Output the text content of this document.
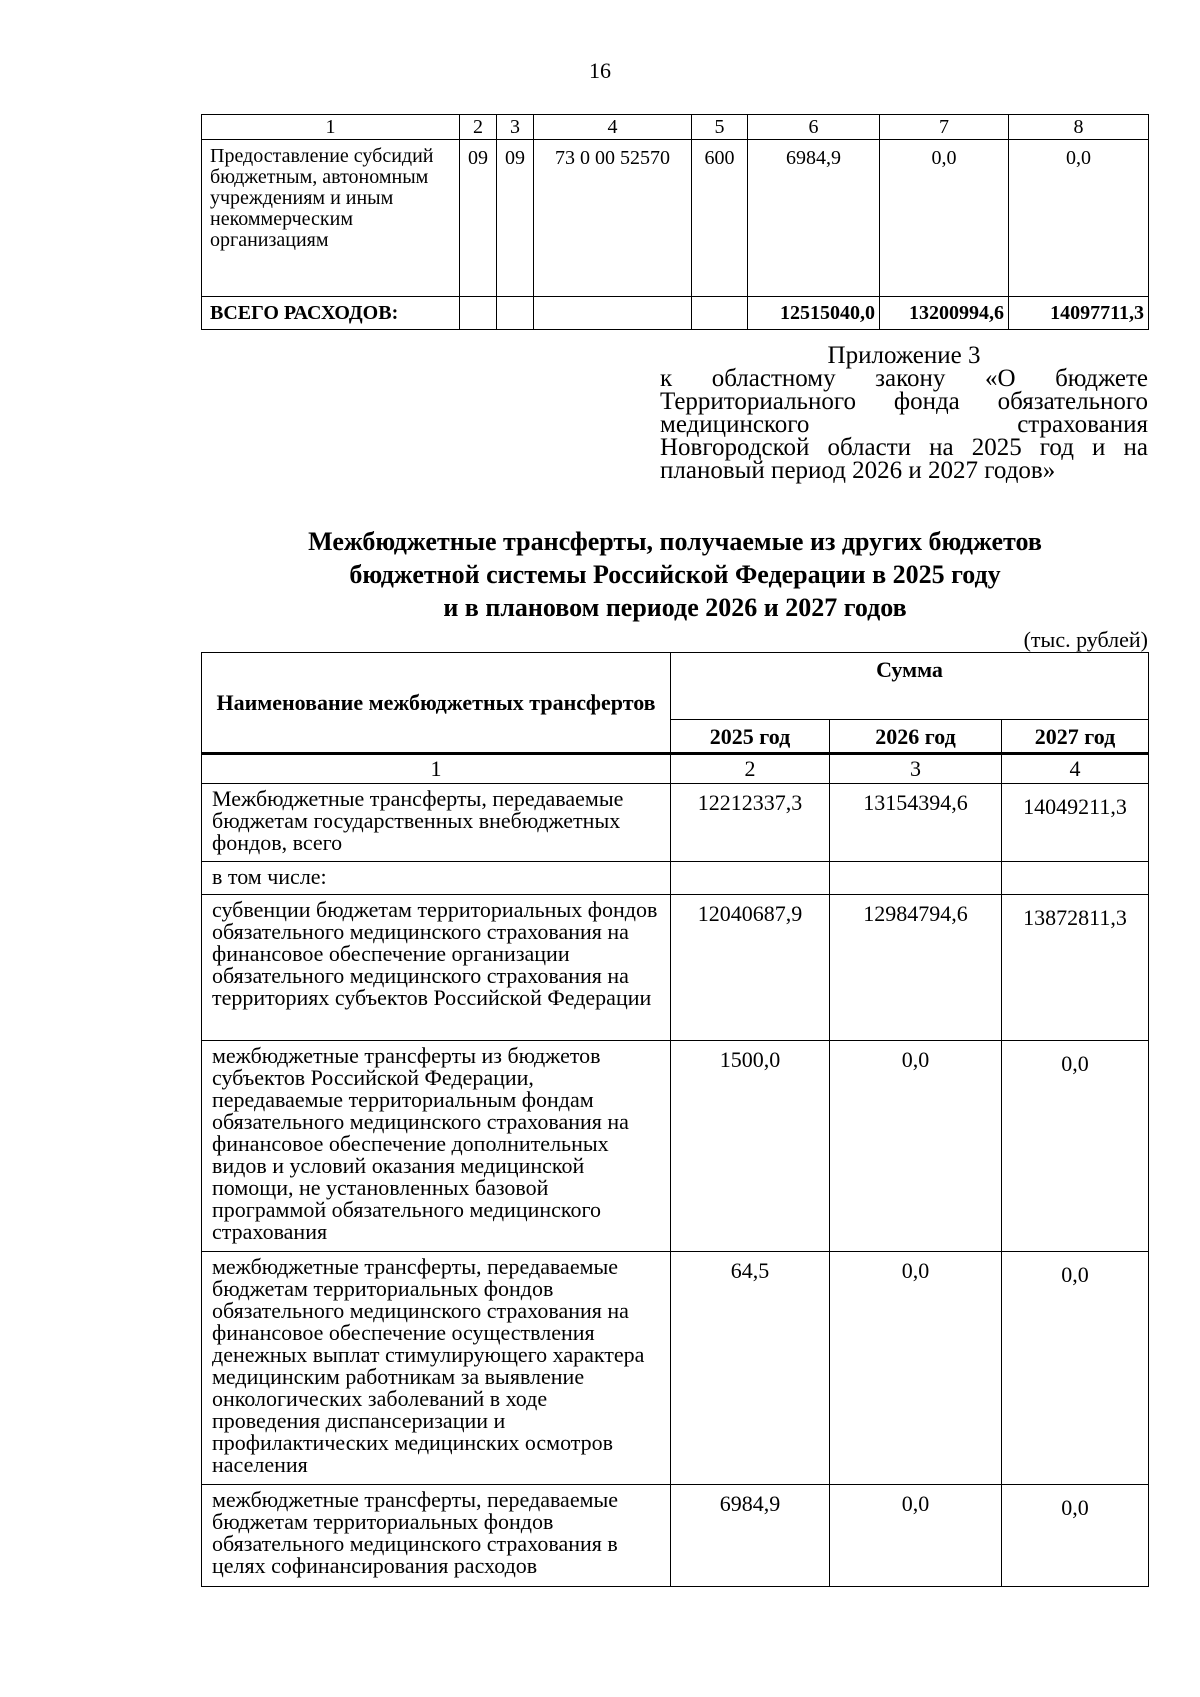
16
1	2	3	4	5	6	7	8
Предоставление субсидий бюджетным, автономным учреждениям и иным некоммерческим организациям	09	09	73 0 00 52570	600	6984,9	0,0	0,0
ВСЕГО РАСХОДОВ:					12515040,0	13200994,6	14097711,3
Приложение 3
к областному закону «О бюджете
Территориального фонда обязательного
медицинского страхования
Новгородской области на 2025 год и на
плановый период 2026 и 2027 годов»
Межбюджетные трансферты, получаемые из других бюджетов
бюджетной системы Российской Федерации в 2025 году
и в плановом периоде 2026 и 2027 годов
(тыс. рублей)
Наименование межбюджетных трансфертов	Сумма		
	2025 год	2026 год	2027 год
1	2	3	4
Межбюджетные трансферты, передаваемые бюджетам государственных внебюджетных фондов, всего	12212337,3	13154394,6	14049211,3
в том числе:			
субвенции бюджетам территориальных фондов обязательного медицинского страхования на финансовое обеспечение организации обязательного медицинского страхования на территориях субъектов Российской Федерации	12040687,9	12984794,6	13872811,3
межбюджетные трансферты из бюджетов субъектов Российской Федерации, передаваемые территориальным фондам обязательного медицинского страхования на финансовое обеспечение дополнительных видов и условий оказания медицинской помощи, не установленных базовой программой обязательного медицинского страхования	1500,0	0,0	0,0
межбюджетные трансферты, передаваемые бюджетам территориальных фондов обязательного медицинского страхования на финансовое обеспечение осуществления денежных выплат стимулирующего характера медицинским работникам за выявление онкологических заболеваний в ходе проведения диспансеризации и профилактических медицинских осмотров населения	64,5	0,0	0,0
межбюджетные трансферты, передаваемые бюджетам территориальных фондов обязательного медицинского страхования в целях софинансирования расходов	6984,9	0,0	0,0
